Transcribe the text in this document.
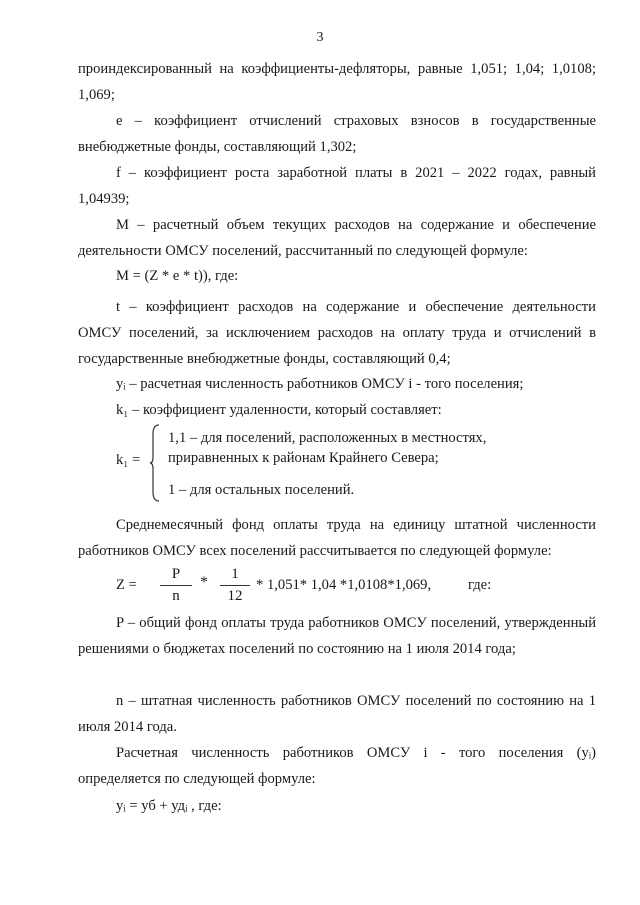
3

проиндексированный на коэффициенты-дефляторы, равные 1,051; 1,04; 1,0108; 1,069;

e – коэффициент отчислений страховых взносов в государственные внебюджетные фонды, составляющий 1,302;

f – коэффициент роста заработной платы в 2021 – 2022 годах, равный 1,04939;

M – расчетный объем текущих расходов на содержание и обеспечение деятельности ОМСУ поселений, рассчитанный по следующей формуле:

M = (Z * e * t)), где:

t – коэффициент расходов на содержание и обеспечение деятельности ОМСУ поселений, за исключением расходов на оплату труда и отчислений в государственные внебюджетные фонды, составляющий 0,4;

yᵢ – расчетная численность работников ОМСУ i - того поселения;
k₁ – коэффициент удаленности, который составляет:
k₁ =
1,1 – для поселений, расположенных в местностях,
приравненных к районам Крайнего Севера;
1 – для остальных поселений.

Среднемесячный фонд оплаты труда на единицу штатной численности работников ОМСУ всех поселений рассчитывается по следующей формуле:

Z =
P
n
*	1
12
* 1,051* 1,04 *1,0108*1,069,	где:

P – общий фонд оплаты труда работников ОМСУ поселений, утвержденный решениями о бюджетах поселений по состоянию на 1 июля 2014 года;

n – штатная численность работников ОМСУ поселений по состоянию на 1 июля 2014 года.

Расчетная численность работников ОМСУ i - того поселения (yᵢ) определяется по следующей формуле:

yᵢ = уб + удᵢ , где:
